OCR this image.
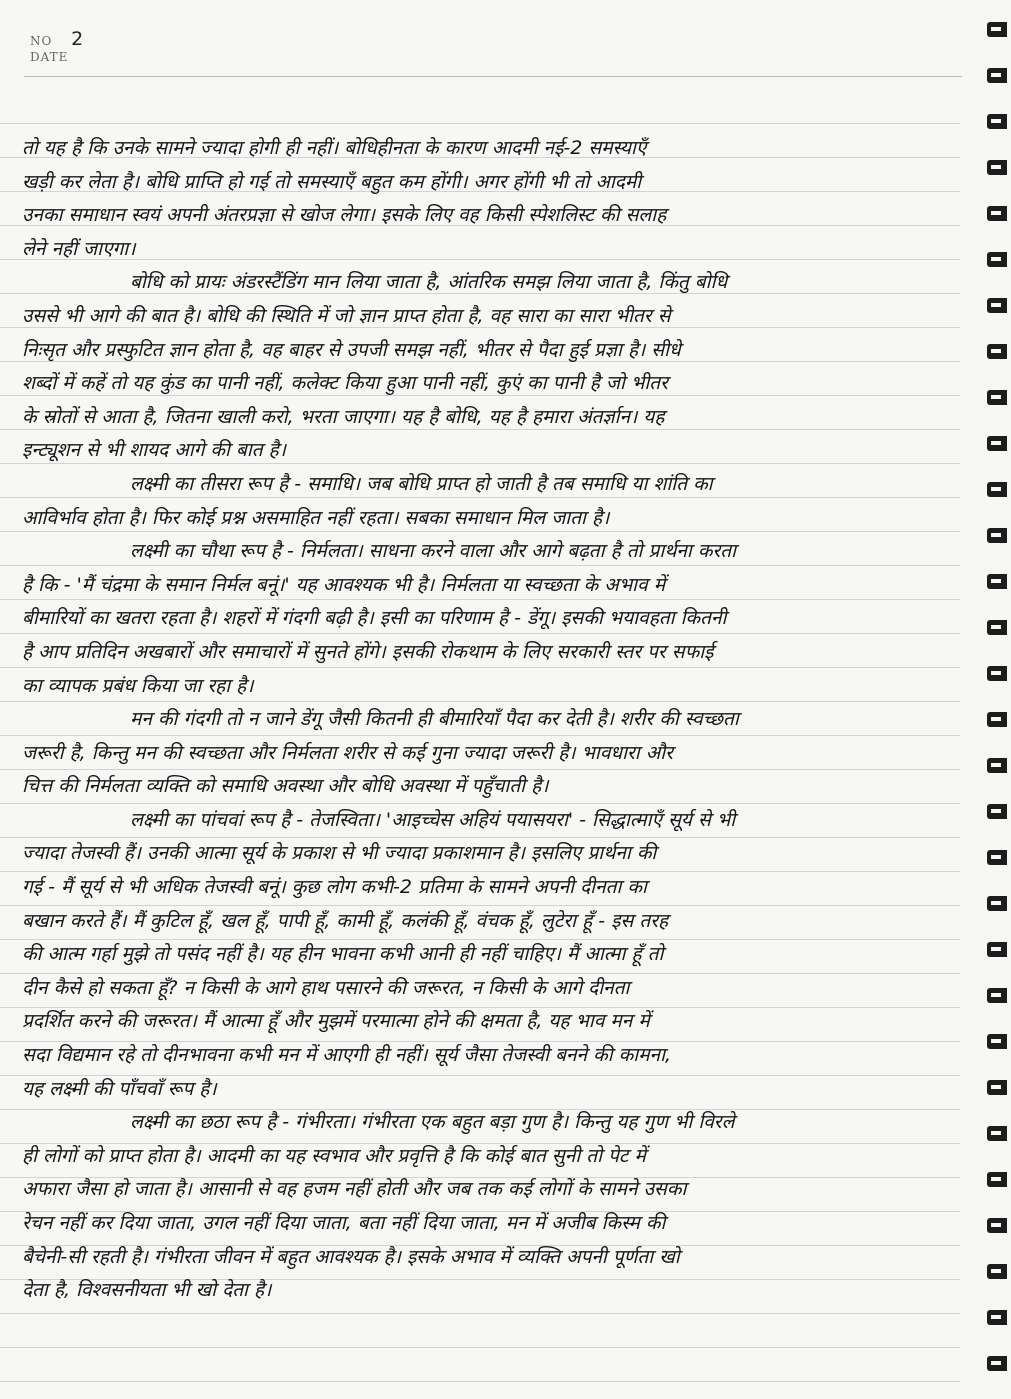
NO 2
DATE
तो यह है कि उनके सामने ज्यादा होगी ही नहीं। बोधिहीनता के कारण आदमी नई-2 समस्याएँ
खड़ी कर लेता है। बोधि प्राप्ति हो गई तो समस्याएँ बहुत कम होंगी। अगर होंगी भी तो आदमी
उनका समाधान स्वयं अपनी अंतरप्रज्ञा से खोज लेगा। इसके लिए वह किसी स्पेशलिस्ट की सलाह
लेने नहीं जाएगा।
बोधि को प्रायः अंडरस्टैंडिंग मान लिया जाता है, आंतरिक समझ लिया जाता है, किंतु बोधि
उससे भी आगे की बात है। बोधि की स्थिति में जो ज्ञान प्राप्त होता है, वह सारा का सारा भीतर से
निःसृत और प्रस्फुटित ज्ञान होता है, वह बाहर से उपजी समझ नहीं, भीतर से पैदा हुई प्रज्ञा है। सीधे
शब्दों में कहें तो यह कुंड का पानी नहीं, कलेक्ट किया हुआ पानी नहीं, कुएं का पानी है जो भीतर
के स्रोतों से आता है, जितना खाली करो, भरता जाएगा। यह है बोधि, यह है हमारा अंतर्ज्ञान। यह
इन्ट्यूशन से भी शायद आगे की बात है।
लक्ष्मी का तीसरा रूप है - समाधि। जब बोधि प्राप्त हो जाती है तब समाधि या शांति का
आविर्भाव होता है। फिर कोई प्रश्न असमाहित नहीं रहता। सबका समाधान मिल जाता है।
लक्ष्मी का चौथा रूप है - निर्मलता। साधना करने वाला और आगे बढ़ता है तो प्रार्थना करता
है कि - 'मैं चंद्रमा के समान निर्मल बनूं।' यह आवश्यक भी है। निर्मलता या स्वच्छता के अभाव में
बीमारियों का खतरा रहता है। शहरों में गंदगी बढ़ी है। इसी का परिणाम है - डेंगू। इसकी भयावहता कितनी
है आप प्रतिदिन अखबारों और समाचारों में सुनते होंगे। इसकी रोकथाम के लिए सरकारी स्तर पर सफाई
का व्यापक प्रबंध किया जा रहा है।
मन की गंदगी तो न जाने डेंगू जैसी कितनी ही बीमारियाँ पैदा कर देती है। शरीर की स्वच्छता
जरूरी है, किन्तु मन की स्वच्छता और निर्मलता शरीर से कई गुना ज्यादा जरूरी है। भावधारा और
चित्त की निर्मलता व्यक्ति को समाधि अवस्था और बोधि अवस्था में पहुँचाती है।
लक्ष्मी का पांचवां रूप है - तेजस्विता। 'आइच्चेस अहियं पयासयरा' - सिद्धात्माएँ सूर्य से भी
ज्यादा तेजस्वी हैं। उनकी आत्मा सूर्य के प्रकाश से भी ज्यादा प्रकाशमान है। इसलिए प्रार्थना की
गई - मैं सूर्य से भी अधिक तेजस्वी बनूं। कुछ लोग कभी-2 प्रतिमा के सामने अपनी दीनता का
बखान करते हैं। मैं कुटिल हूँ, खल हूँ, पापी हूँ, कामी हूँ, कलंकी हूँ, वंचक हूँ, लुटेरा हूँ - इस तरह
की आत्म गर्हा मुझे तो पसंद नहीं है। यह हीन भावना कभी आनी ही नहीं चाहिए। मैं आत्मा हूँ तो
दीन कैसे हो सकता हूँ? न किसी के आगे हाथ पसारने की जरूरत, न किसी के आगे दीनता
प्रदर्शित करने की जरूरत। मैं आत्मा हूँ और मुझमें परमात्मा होने की क्षमता है, यह भाव मन में
सदा विद्यमान रहे तो दीनभावना कभी मन में आएगी ही नहीं। सूर्य जैसा तेजस्वी बनने की कामना,
यह लक्ष्मी की पाँचवाँ रूप है।
लक्ष्मी का छठा रूप है - गंभीरता। गंभीरता एक बहुत बड़ा गुण है। किन्तु यह गुण भी विरले
ही लोगों को प्राप्त होता है। आदमी का यह स्वभाव और प्रवृत्ति है कि कोई बात सुनी तो पेट में
अफारा जैसा हो जाता है। आसानी से वह हजम नहीं होती और जब तक कई लोगों के सामने उसका
रेचन नहीं कर दिया जाता, उगल नहीं दिया जाता, बता नहीं दिया जाता, मन में अजीब किस्म की
बैचेनी-सी रहती है। गंभीरता जीवन में बहुत आवश्यक है। इसके अभाव में व्यक्ति अपनी पूर्णता खो
देता है, विश्वसनीयता भी खो देता है।
